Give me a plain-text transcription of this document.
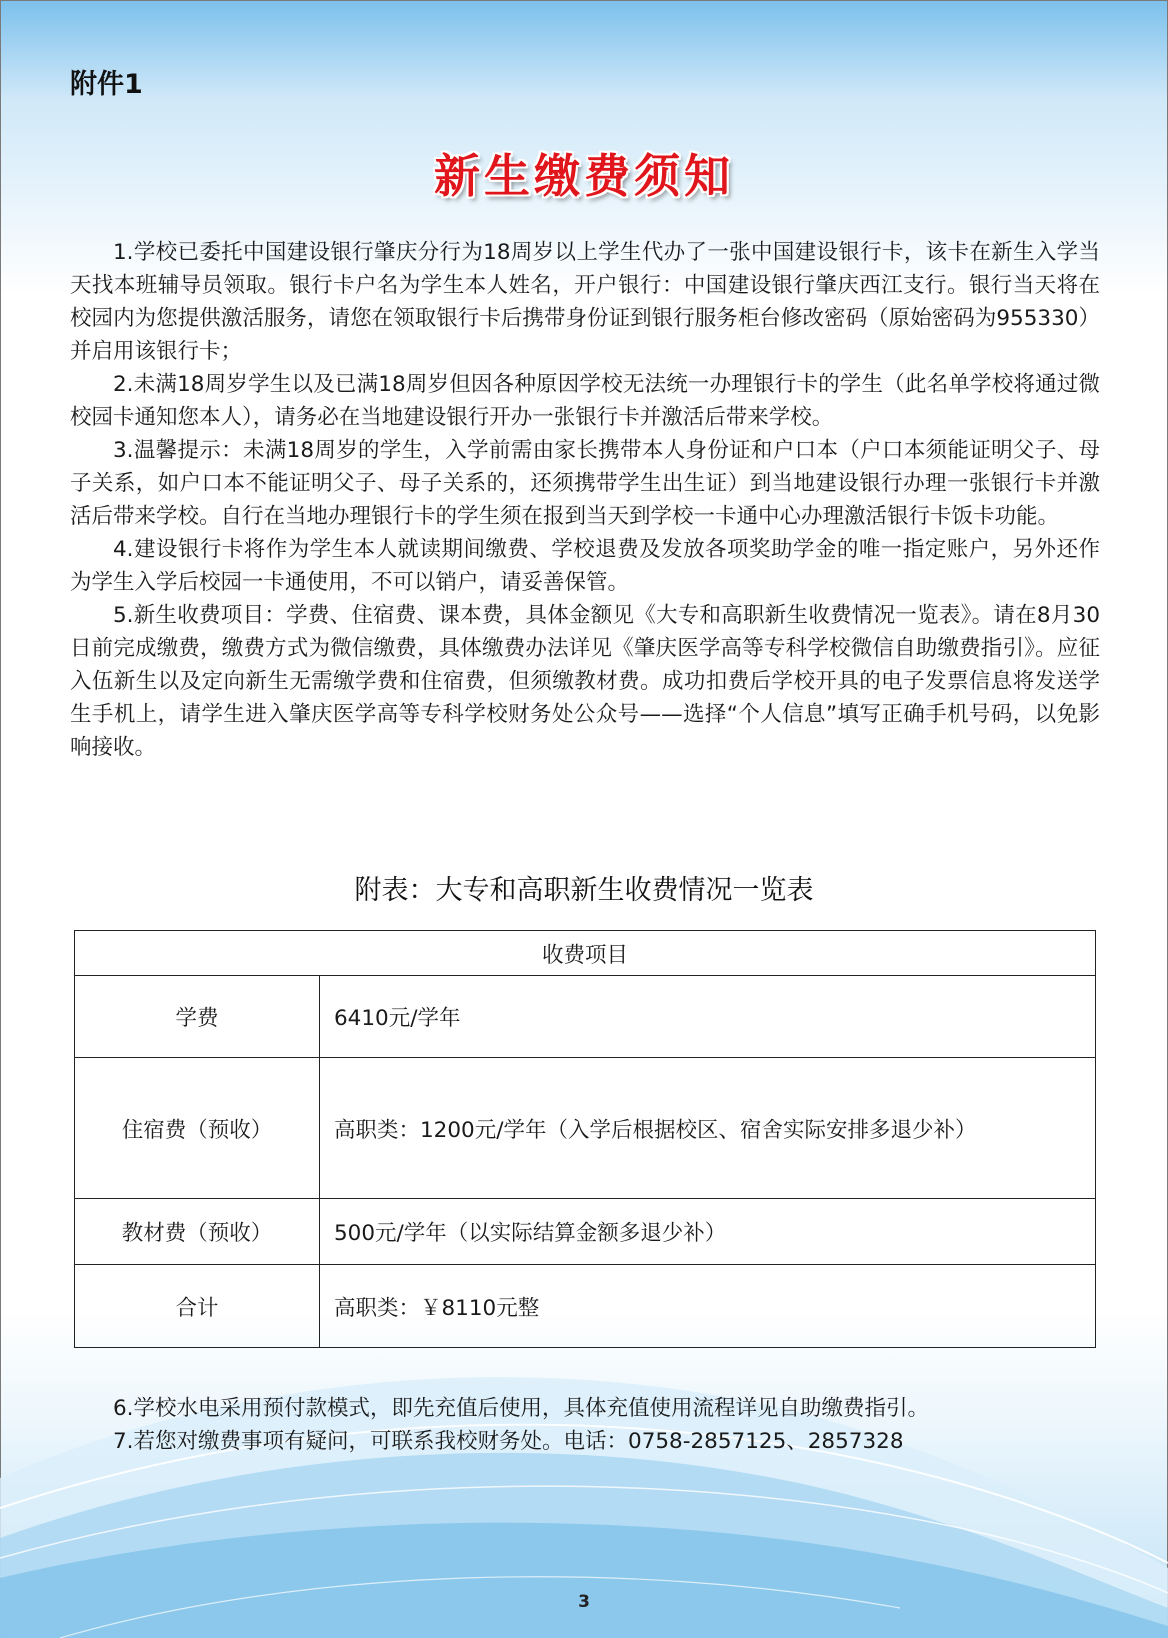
附件1
新生缴费须知

1.学校已委托中国建设银行肇庆分行为18周岁以上学生代办了一张中国建设银行卡，该卡在新生入学当天找本班辅导员领取。银行卡户名为学生本人姓名，开户银行：中国建设银行肇庆西江支行。银行当天将在校园内为您提供激活服务，请您在领取银行卡后携带身份证到银行服务柜台修改密码（原始密码为955330）并启用该银行卡；

2.未满18周岁学生以及已满18周岁但因各种原因学校无法统一办理银行卡的学生（此名单学校将通过微校园卡通知您本人），请务必在当地建设银行开办一张银行卡并激活后带来学校。

3.温馨提示：未满18周岁的学生，入学前需由家长携带本人身份证和户口本（户口本须能证明父子、母子关系，如户口本不能证明父子、母子关系的，还须携带学生出生证）到当地建设银行办理一张银行卡并激活后带来学校。自行在当地办理银行卡的学生须在报到当天到学校一卡通中心办理激活银行卡饭卡功能。

4.建设银行卡将作为学生本人就读期间缴费、学校退费及发放各项奖助学金的唯一指定账户，另外还作为学生入学后校园一卡通使用，不可以销户，请妥善保管。

5.新生收费项目：学费、住宿费、课本费，具体金额见《大专和高职新生收费情况一览表》。请在8月30日前完成缴费，缴费方式为微信缴费，具体缴费办法详见《肇庆医学高等专科学校微信自助缴费指引》。应征入伍新生以及定向新生无需缴学费和住宿费，但须缴教材费。成功扣费后学校开具的电子发票信息将发送学生手机上，请学生进入肇庆医学高等专科学校财务处公众号——选择“个人信息”填写正确手机号码，以免影响接收。

附表：大专和高职新生收费情况一览表
收费项目	
学费	6410元/学年
住宿费（预收）	高职类：1200元/学年（入学后根据校区、宿舍实际安排多退少补）
教材费（预收）	500元/学年（以实际结算金额多退少补）
合计	高职类：￥8110元整

6.学校水电采用预付款模式，即先充值后使用，具体充值使用流程详见自助缴费指引。

7.若您对缴费事项有疑问，可联系我校财务处。电话：0758-2857125、2857328

3
